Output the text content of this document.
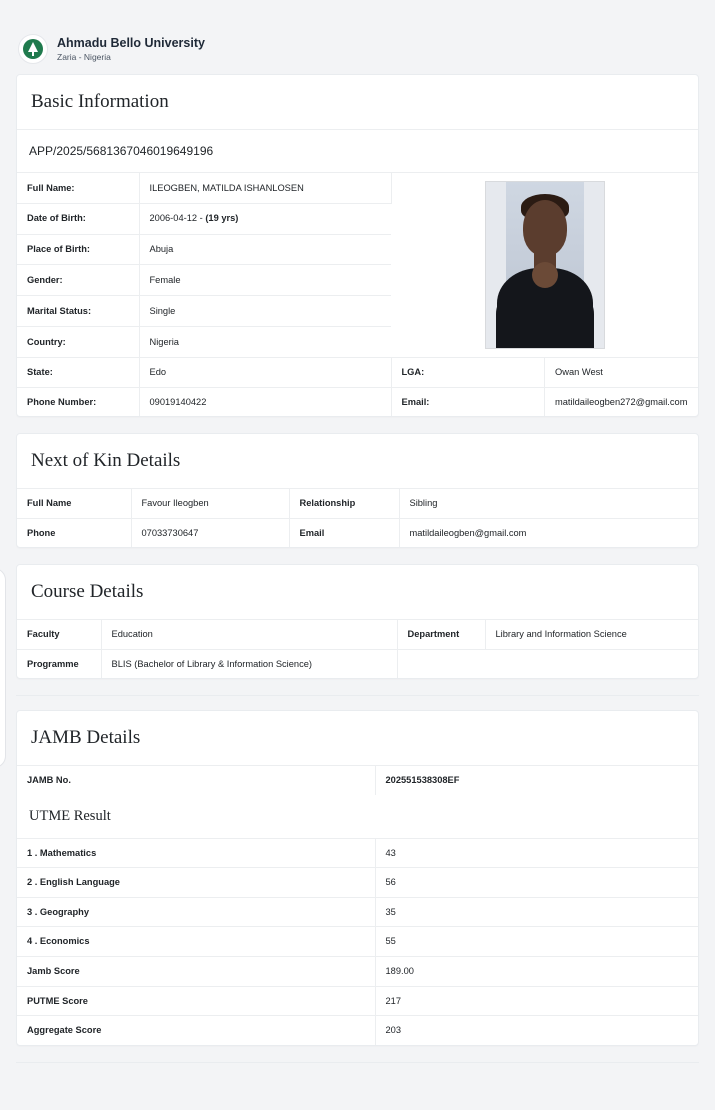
Ahmadu Bello University
Zaria - Nigeria
Basic Information
APP/2025/5681367046019649196
Full Name:	ILEOGBEN, MATILDA ISHANLOSEN		

Date of Birth:	2006-04-12 - (19 yrs)		
Place of Birth:	Abuja		
Gender:	Female		
Marital Status:	Single		
Country:	Nigeria		
State:	Edo	LGA:	Owan West
Phone Number:	09019140422	Email:	matildaileogben272@gmail.com
Next of Kin Details
Full Name	Favour Ileogben	Relationship	Sibling
Phone	07033730647	Email	matildaileogben@gmail.com
Course Details
Faculty	Education	Department	Library and Information Science
Programme	BLIS (Bachelor of Library & Information Science)		
JAMB Details
JAMB No.	202551538308EF
UTME Result
1 . Mathematics	43
2 . English Language	56
3 . Geography	35
4 . Economics	55
Jamb Score	189.00
PUTME Score	217
Aggregate Score	203
